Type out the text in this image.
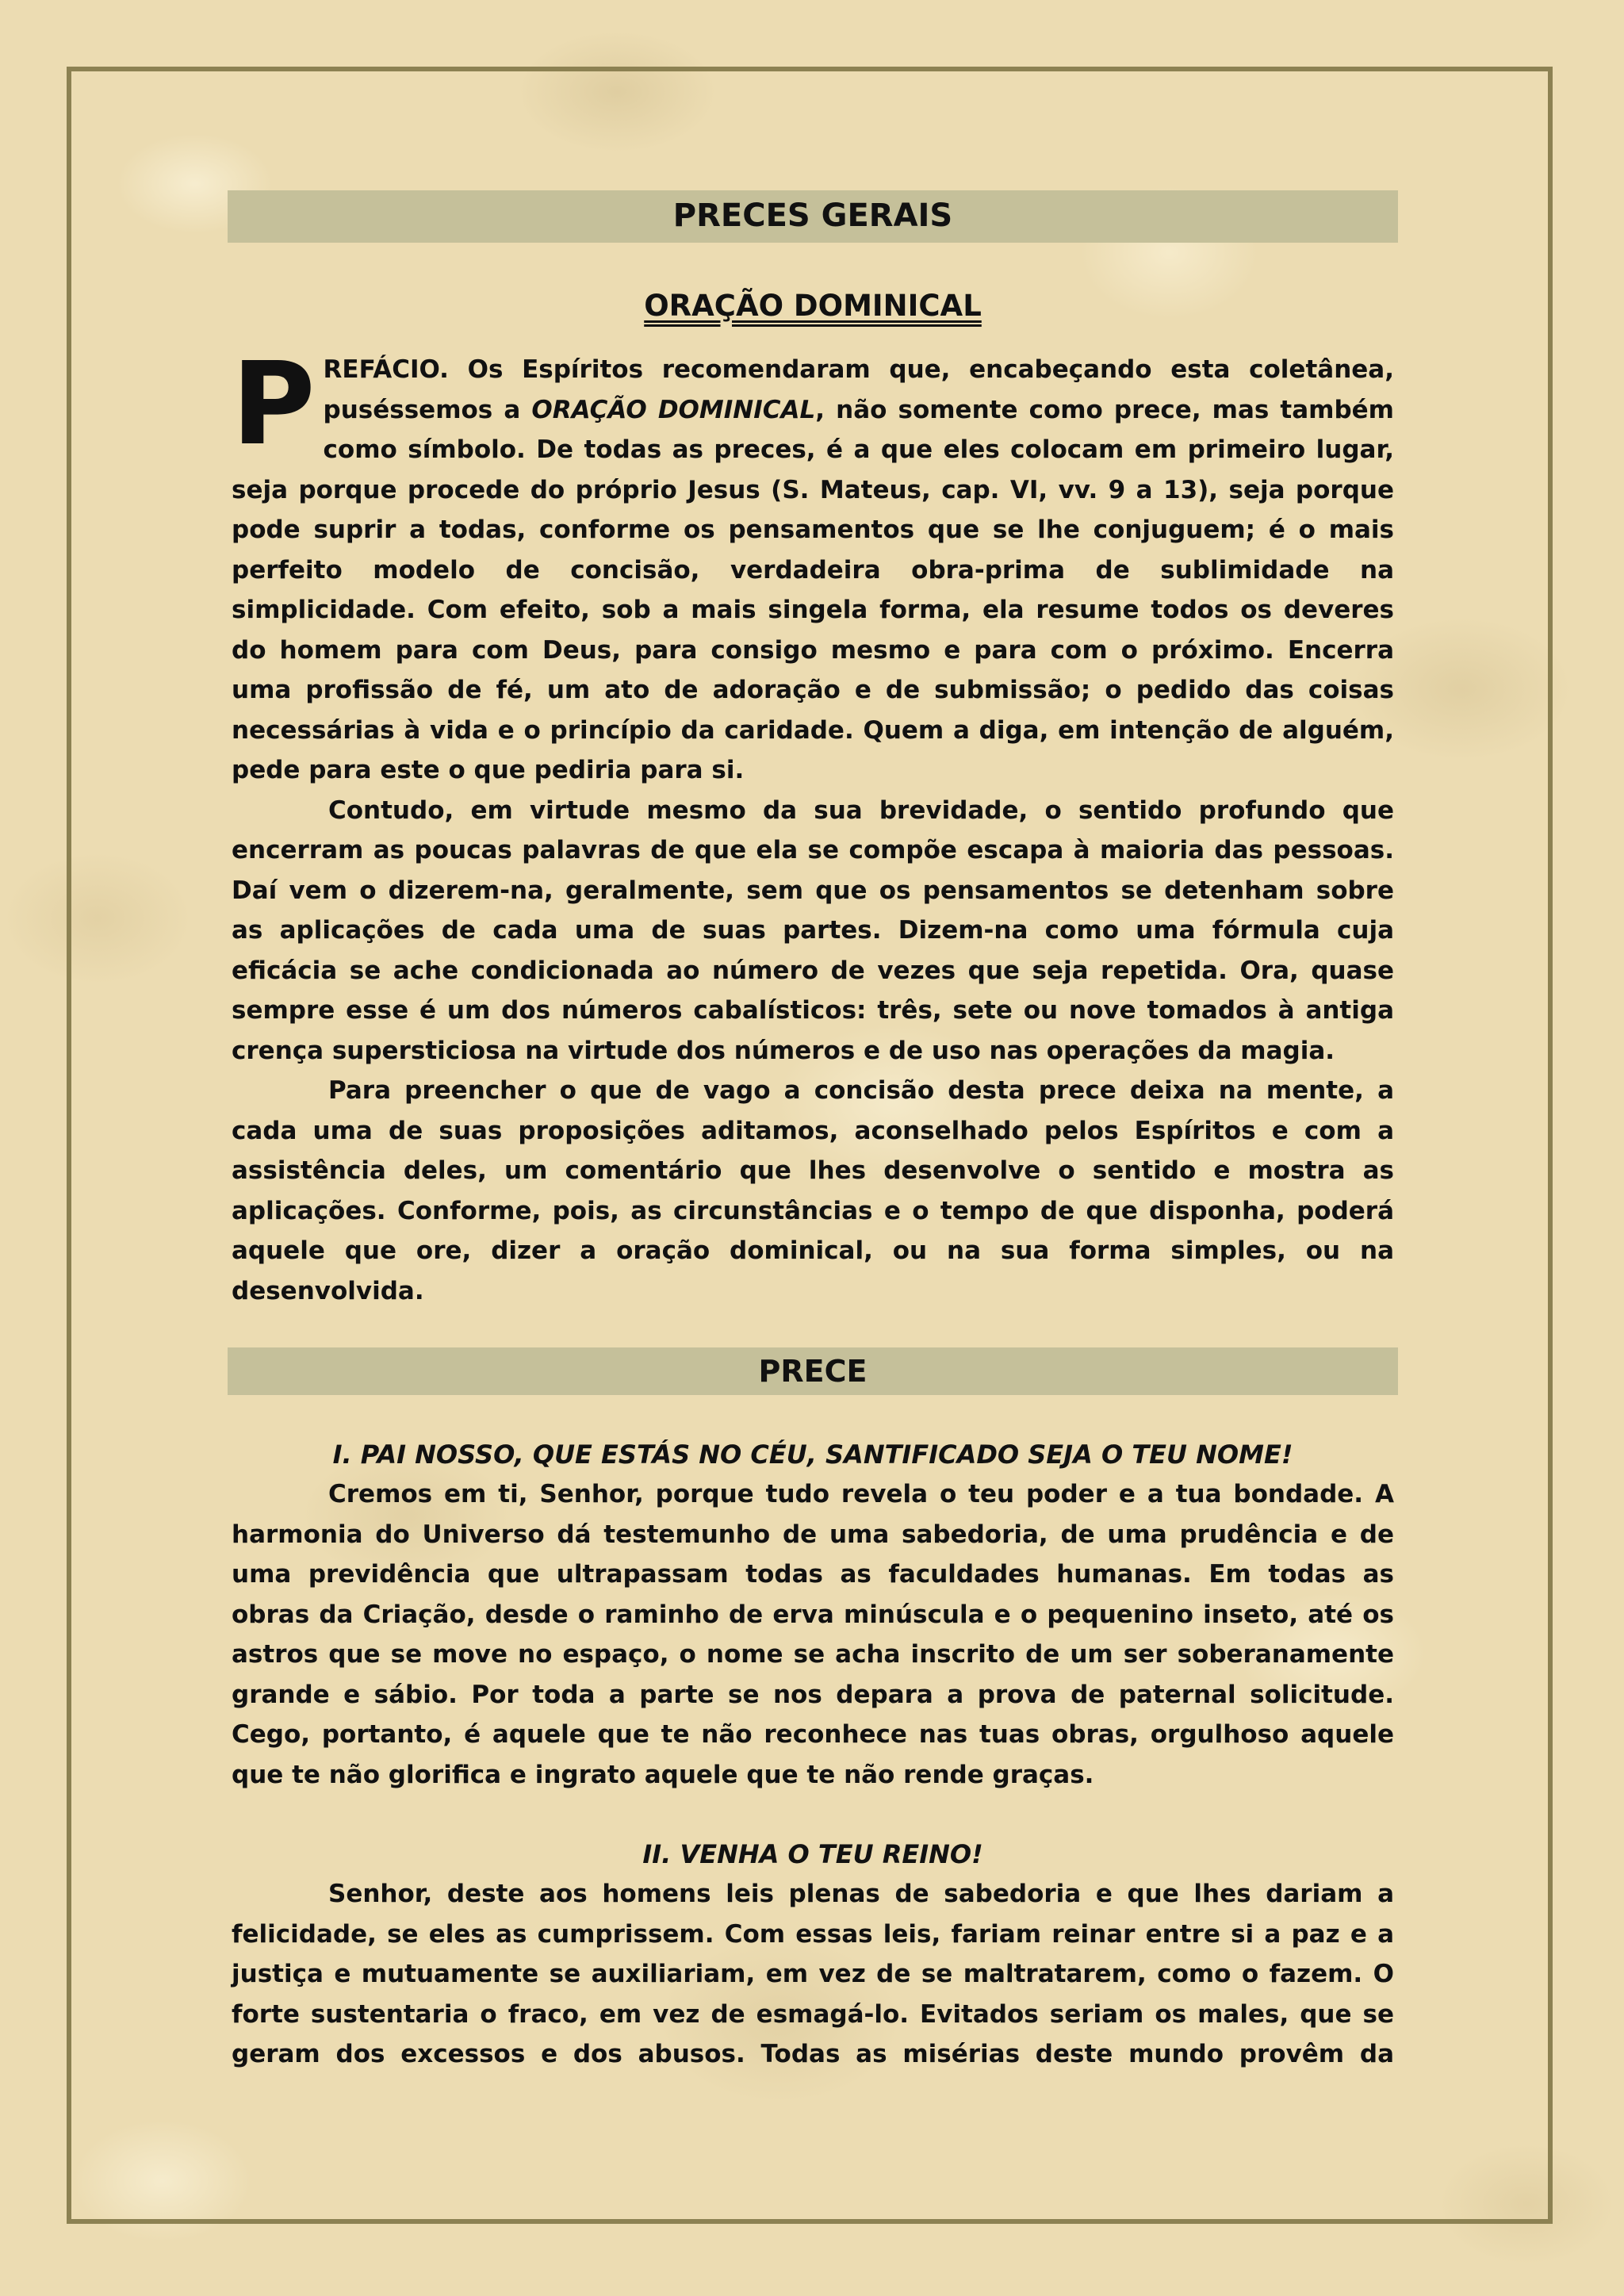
PRECES GERAIS
ORAÇÃO DOMINICAL

PREFÁCIO. Os Espíritos recomendaram que, encabeçando esta coletânea, puséssemos a ORAÇÃO DOMINICAL, não somente como prece, mas também como símbolo. De todas as preces, é a que eles colocam em primeiro lugar, seja porque procede do próprio Jesus (S. Mateus, cap. VI, vv. 9 a 13), seja porque pode suprir a todas, conforme os pensamentos que se lhe conjuguem; é o mais perfeito modelo de concisão, verdadeira obra-prima de sublimidade na simplicidade. Com efeito, sob a mais singela forma, ela resume todos os deveres do homem para com Deus, para consigo mesmo e para com o próximo. Encerra uma profissão de fé, um ato de adoração e de submissão; o pedido das coisas necessárias à vida e o princípio da caridade. Quem a diga, em intenção de alguém, pede para este o que pediria para si.

Contudo, em virtude mesmo da sua brevidade, o sentido profundo que encerram as poucas palavras de que ela se compõe escapa à maioria das pessoas. Daí vem o dizerem-na, geralmente, sem que os pensamentos se detenham sobre as aplicações de cada uma de suas partes. Dizem-na como uma fórmula cuja eficácia se ache condicionada ao número de vezes que seja repetida. Ora, quase sempre esse é um dos números cabalísticos: três, sete ou nove tomados à antiga crença supersticiosa na virtude dos números e de uso nas operações da magia.

Para preencher o que de vago a concisão desta prece deixa na mente, a cada uma de suas proposições aditamos, aconselhado pelos Espíritos e com a assistência deles, um comentário que lhes desenvolve o sentido e mostra as aplicações. Conforme, pois, as circunstâncias e o tempo de que disponha, poderá aquele que ore, dizer a oração dominical, ou na sua forma simples, ou na desenvolvida.

PRECE
I. PAI NOSSO, QUE ESTÁS NO CÉU, SANTIFICADO SEJA O TEU NOME!

Cremos em ti, Senhor, porque tudo revela o teu poder e a tua bondade. A harmonia do Universo dá testemunho de uma sabedoria, de uma prudência e de uma previdência que ultrapassam todas as faculdades humanas. Em todas as obras da Criação, desde o raminho de erva minúscula e o pequenino inseto, até os astros que se move no espaço, o nome se acha inscrito de um ser soberanamente grande e sábio. Por toda a parte se nos depara a prova de paternal solicitude. Cego, portanto, é aquele que te não reconhece nas tuas obras, orgulhoso aquele que te não glorifica e ingrato aquele que te não rende graças.

II. VENHA O TEU REINO!

Senhor, deste aos homens leis plenas de sabedoria e que lhes dariam a felicidade, se eles as cumprissem. Com essas leis, fariam reinar entre si a paz e a justiça e mutuamente se auxiliariam, em vez de se maltratarem, como o fazem. O forte sustentaria o fraco, em vez de esmagá-lo. Evitados seriam os males, que se geram dos excessos e dos abusos. Todas as misérias deste mundo provêm da
